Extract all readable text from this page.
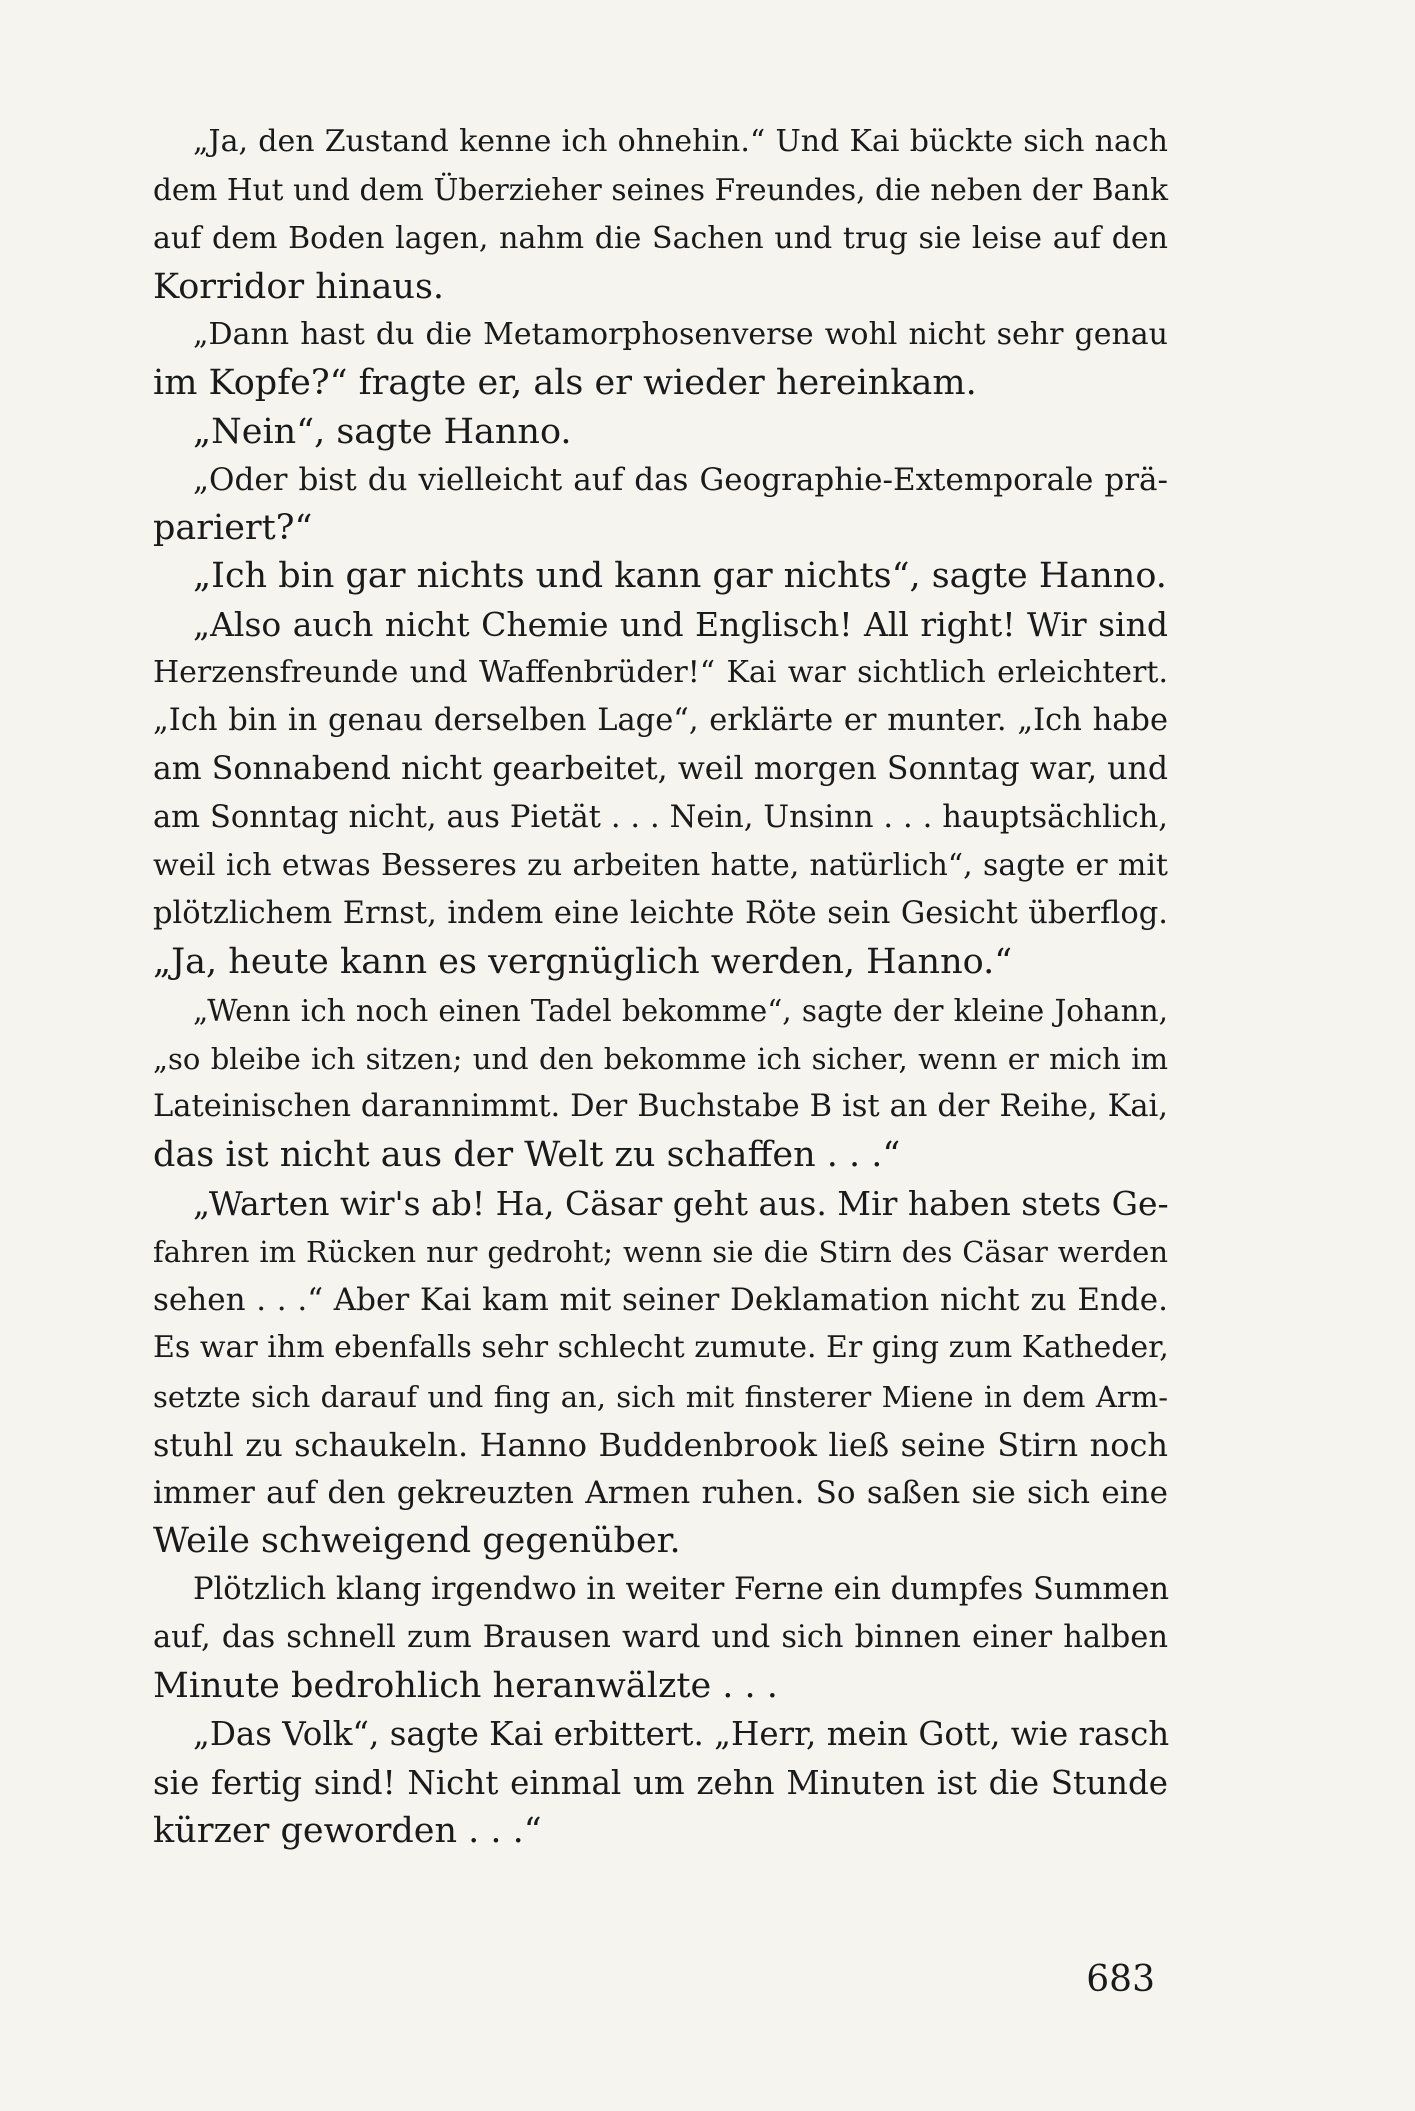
„Ja, den Zustand kenne ich ohnehin.“ Und Kai bückte sich nach
dem Hut und dem Überzieher seines Freundes, die neben der Bank
auf dem Boden lagen, nahm die Sachen und trug sie leise auf den
Korridor hinaus.
„Dann hast du die Metamorphosenverse wohl nicht sehr genau
im Kopfe?“ fragte er, als er wieder hereinkam.
„Nein“, sagte Hanno.
„Oder bist du vielleicht auf das Geographie-Extemporale prä-
pariert?“
„Ich bin gar nichts und kann gar nichts“, sagte Hanno.
„Also auch nicht Chemie und Englisch! All right! Wir sind
Herzensfreunde und Waffenbrüder!“ Kai war sichtlich erleichtert.
„Ich bin in genau derselben Lage“, erklärte er munter. „Ich habe
am Sonnabend nicht gearbeitet, weil morgen Sonntag war, und
am Sonntag nicht, aus Pietät . . . Nein, Unsinn . . . hauptsächlich,
weil ich etwas Besseres zu arbeiten hatte, natürlich“, sagte er mit
plötzlichem Ernst, indem eine leichte Röte sein Gesicht überflog.
„Ja, heute kann es vergnüglich werden, Hanno.“
„Wenn ich noch einen Tadel bekomme“, sagte der kleine Johann,
„so bleibe ich sitzen; und den bekomme ich sicher, wenn er mich im
Lateinischen darannimmt. Der Buchstabe B ist an der Reihe, Kai,
das ist nicht aus der Welt zu schaffen . . .“
„Warten wir's ab! Ha, Cäsar geht aus. Mir haben stets Ge-
fahren im Rücken nur gedroht; wenn sie die Stirn des Cäsar werden
sehen . . .“ Aber Kai kam mit seiner Deklamation nicht zu Ende.
Es war ihm ebenfalls sehr schlecht zumute. Er ging zum Katheder,
setzte sich darauf und fing an, sich mit finsterer Miene in dem Arm-
stuhl zu schaukeln. Hanno Buddenbrook ließ seine Stirn noch
immer auf den gekreuzten Armen ruhen. So saßen sie sich eine
Weile schweigend gegenüber.
Plötzlich klang irgendwo in weiter Ferne ein dumpfes Summen
auf, das schnell zum Brausen ward und sich binnen einer halben
Minute bedrohlich heranwälzte . . .
„Das Volk“, sagte Kai erbittert. „Herr, mein Gott, wie rasch
sie fertig sind! Nicht einmal um zehn Minuten ist die Stunde
kürzer geworden . . .“
683
